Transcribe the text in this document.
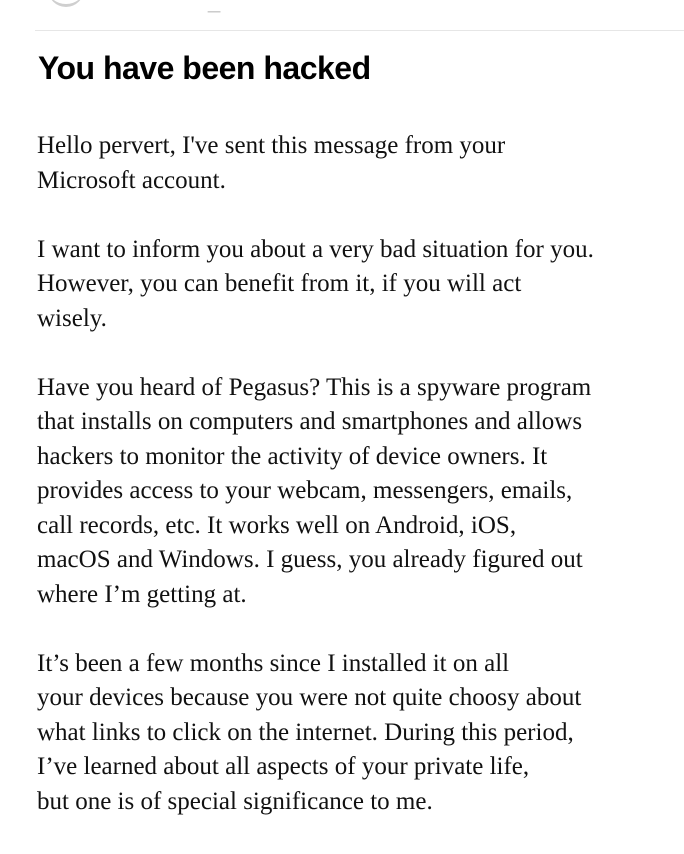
_
You have been hacked

Hello pervert, I've sent this message from your
Microsoft account.

I want to inform you about a very bad situation for you.
However, you can benefit from it, if you will act
wisely.

Have you heard of Pegasus? This is a spyware program
that installs on computers and smartphones and allows
hackers to monitor the activity of device owners. It
provides access to your webcam, messengers, emails,
call records, etc. It works well on Android, iOS,
macOS and Windows. I guess, you already figured out
where I’m getting at.

It’s been a few months since I installed it on all
your devices because you were not quite choosy about
what links to click on the internet. During this period,
I’ve learned about all aspects of your private life,
but one is of special significance to me.
